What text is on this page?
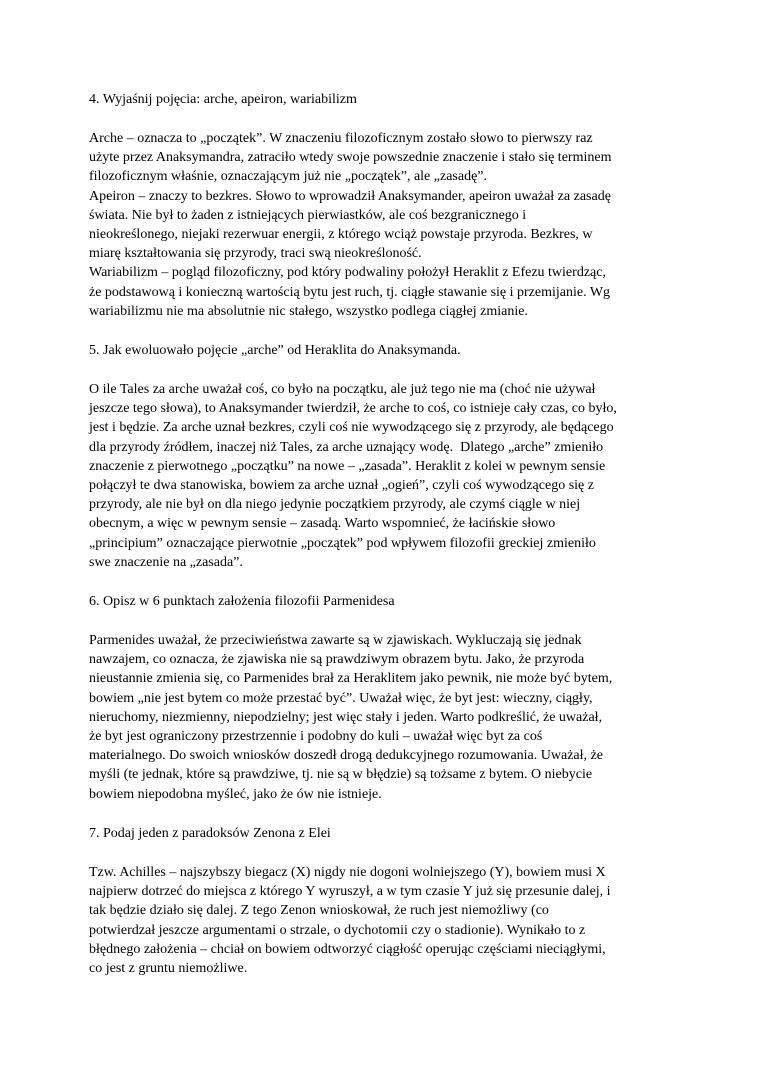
4. Wyjaśnij pojęcia: arche, apeiron, wariabilizm

Arche – oznacza to „początek”. W znaczeniu filozoficznym zostało słowo to pierwszy raz
użyte przez Anaksymandra, zatraciło wtedy swoje powszednie znaczenie i stało się terminem
filozoficznym właśnie, oznaczającym już nie „początek”, ale „zasadę”.
Apeiron – znaczy to bezkres. Słowo to wprowadził Anaksymander, apeiron uważał za zasadę
świata. Nie był to żaden z istniejących pierwiastków, ale coś bezgranicznego i
nieokreślonego, niejaki rezerwuar energii, z którego wciąż powstaje przyroda. Bezkres, w
miarę kształtowania się przyrody, traci swą nieokreśloność.
Wariabilizm – pogląd filozoficzny, pod który podwaliny położył Heraklit z Efezu twierdząc,
że podstawową i konieczną wartością bytu jest ruch, tj. ciągłe stawanie się i przemijanie. Wg
wariabilizmu nie ma absolutnie nic stałego, wszystko podlega ciągłej zmianie.

5. Jak ewoluowało pojęcie „arche” od Heraklita do Anaksymanda.

O ile Tales za arche uważał coś, co było na początku, ale już tego nie ma (choć nie używał
jeszcze tego słowa), to Anaksymander twierdził, że arche to coś, co istnieje cały czas, co było,
jest i będzie. Za arche uznał bezkres, czyli coś nie wywodzącego się z przyrody, ale będącego
dla przyrody źródłem, inaczej niż Tales, za arche uznający wodę.  Dlatego „arche” zmieniło
znaczenie z pierwotnego „początku” na nowe – „zasada”. Heraklit z kolei w pewnym sensie
połączył te dwa stanowiska, bowiem za arche uznał „ogień”, czyli coś wywodzącego się z
przyrody, ale nie był on dla niego jedynie początkiem przyrody, ale czymś ciągle w niej
obecnym, a więc w pewnym sensie – zasadą. Warto wspomnieć, że łacińskie słowo
„principium” oznaczające pierwotnie „początek” pod wpływem filozofii greckiej zmieniło
swe znaczenie na „zasada”.

6. Opisz w 6 punktach założenia filozofii Parmenidesa

Parmenides uważał, że przeciwieństwa zawarte są w zjawiskach. Wykluczają się jednak
nawzajem, co oznacza, że zjawiska nie są prawdziwym obrazem bytu. Jako, że przyroda
nieustannie zmienia się, co Parmenides brał za Heraklitem jako pewnik, nie może być bytem,
bowiem „nie jest bytem co może przestać być”. Uważał więc, że byt jest: wieczny, ciągły,
nieruchomy, niezmienny, niepodzielny; jest więc stały i jeden. Warto podkreślić, że uważał,
że byt jest ograniczony przestrzennie i podobny do kuli – uważał więc byt za coś
materialnego. Do swoich wniosków doszedł drogą dedukcyjnego rozumowania. Uważał, że
myśli (te jednak, które są prawdziwe, tj. nie są w błędzie) są tożsame z bytem. O niebycie
bowiem niepodobna myśleć, jako że ów nie istnieje.

7. Podaj jeden z paradoksów Zenona z Elei

Tzw. Achilles – najszybszy biegacz (X) nigdy nie dogoni wolniejszego (Y), bowiem musi X
najpierw dotrzeć do miejsca z którego Y wyruszył, a w tym czasie Y już się przesunie dalej, i
tak będzie działo się dalej. Z tego Zenon wnioskował, że ruch jest niemożliwy (co
potwierdzał jeszcze argumentami o strzale, o dychotomii czy o stadionie). Wynikało to z
błędnego założenia – chciał on bowiem odtworzyć ciągłość operując częściami nieciągłymi,
co jest z gruntu niemożliwe.
